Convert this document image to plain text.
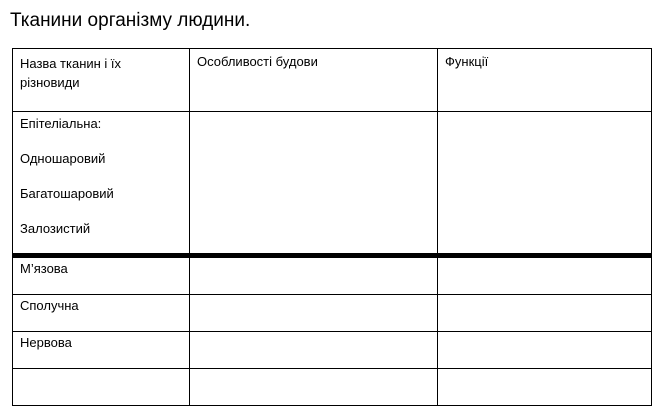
Тканини організму людини.
Назва тканин і їх різновиди	Особливості будови	Функції

Епітеліальна:
Одношаровий
Багатошаровий
Залозистий		

М’язова		
Сполучна		
Нервова		
